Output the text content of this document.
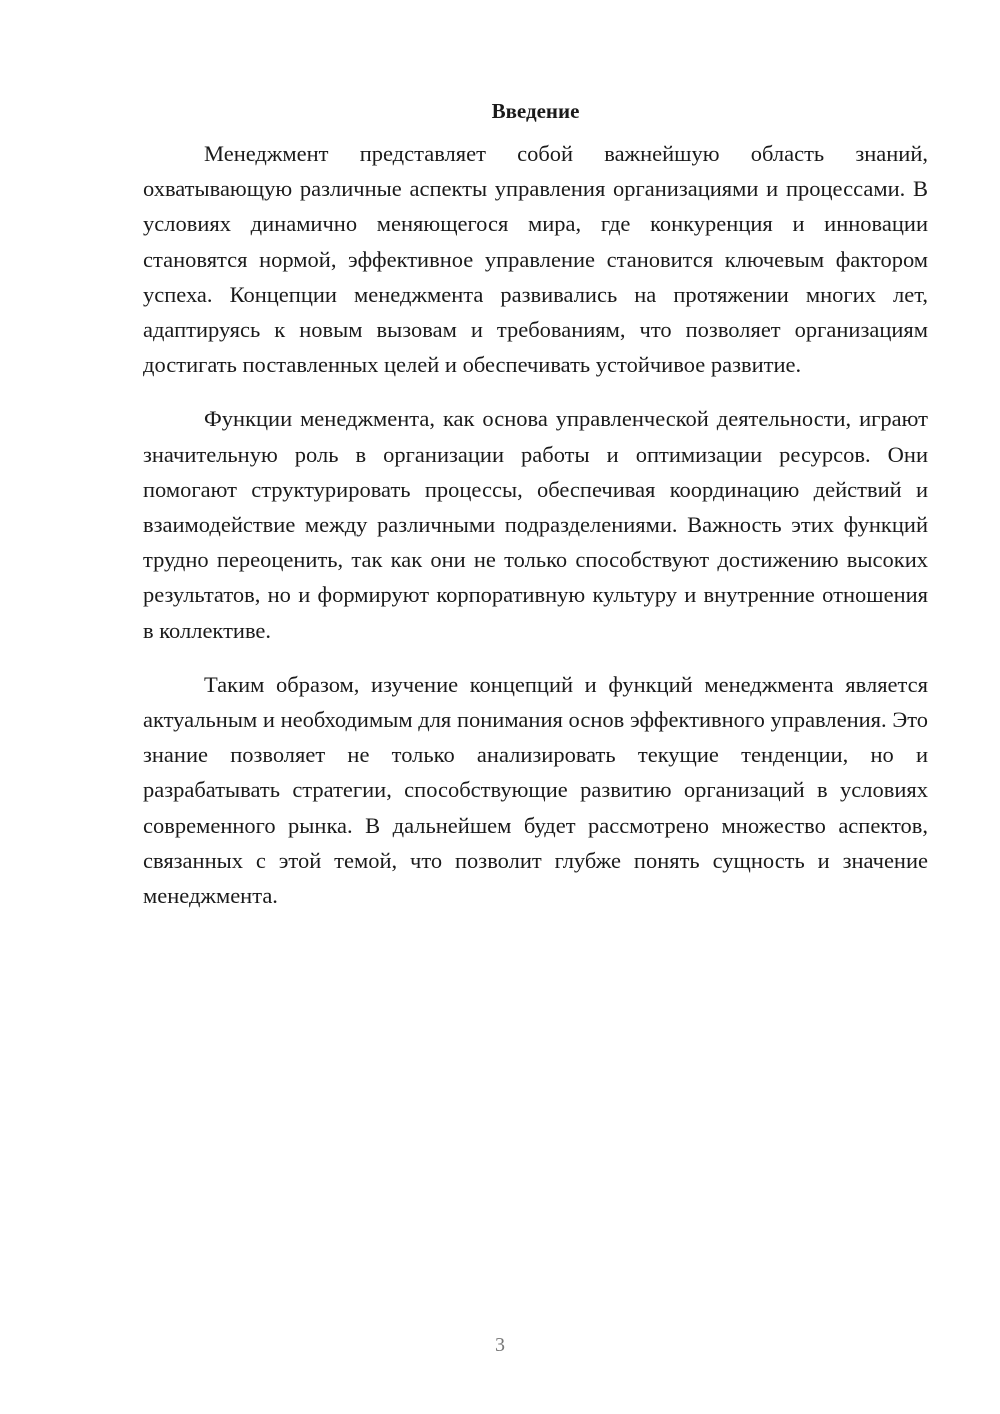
Введение

Менеджмент представляет собой важнейшую область знаний, охватывающую различные аспекты управления организациями и процессами. В условиях динамично меняющегося мира, где конкуренция и инновации становятся нормой, эффективное управление становится ключевым фактором успеха. Концепции менеджмента развивались на протяжении многих лет, адаптируясь к новым вызовам и требованиям, что позволяет организациям достигать поставленных целей и обеспечивать устойчивое развитие.

Функции менеджмента, как основа управленческой деятельности, играют значительную роль в организации работы и оптимизации ресурсов. Они помогают структурировать процессы, обеспечивая координацию действий и взаимодействие между различными подразделениями. Важность этих функций трудно переоценить, так как они не только способствуют достижению высоких результатов, но и формируют корпоративную культуру и внутренние отношения в коллективе.

Таким образом, изучение концепций и функций менеджмента является актуальным и необходимым для понимания основ эффективного управления. Это знание позволяет не только анализировать текущие тенденции, но и разрабатывать стратегии, способствующие развитию организаций в условиях современного рынка. В дальнейшем будет рассмотрено множество аспектов, связанных с этой темой, что позволит глубже понять сущность и значение менеджмента.

3
